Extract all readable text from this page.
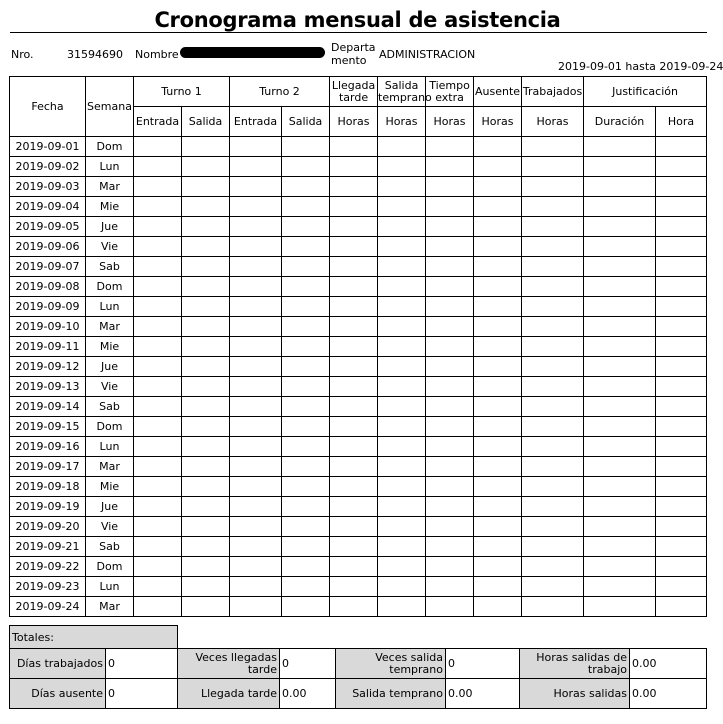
Cronograma mensual de asistencia
Nro.	31594690 Nombre
Departa mento	ADMINISTRACION
2019-09-01 hasta 2019-09-24
Fecha	Semana	Turno 1		Turno 2		Llegada tarde	Salida temprano	Tiempo extra	Ausente	Trabajados	Justificación	
		Entrada	Salida	Entrada	Salida	Horas	Horas	Horas	Horas	Horas	Duración	Hora
2019-09-01	Dom											
2019-09-02	Lun											
2019-09-03	Mar											
2019-09-04	Mie											
2019-09-05	Jue											
2019-09-06	Vie											
2019-09-07	Sab											
2019-09-08	Dom											
2019-09-09	Lun											
2019-09-10	Mar											
2019-09-11	Mie											
2019-09-12	Jue											
2019-09-13	Vie											
2019-09-14	Sab											
2019-09-15	Dom											
2019-09-16	Lun											
2019-09-17	Mar											
2019-09-18	Mie											
2019-09-19	Jue											
2019-09-20	Vie											
2019-09-21	Sab											
2019-09-22	Dom											
2019-09-23	Lun											
2019-09-24	Mar											
Totales:							
Días trabajados	0	Veces llegadas tarde	0	Veces salida temprano	0	Horas salidas de trabajo	0.00
Días ausente	0	Llegada tarde	0.00	Salida temprano	0.00	Horas salidas	0.00
